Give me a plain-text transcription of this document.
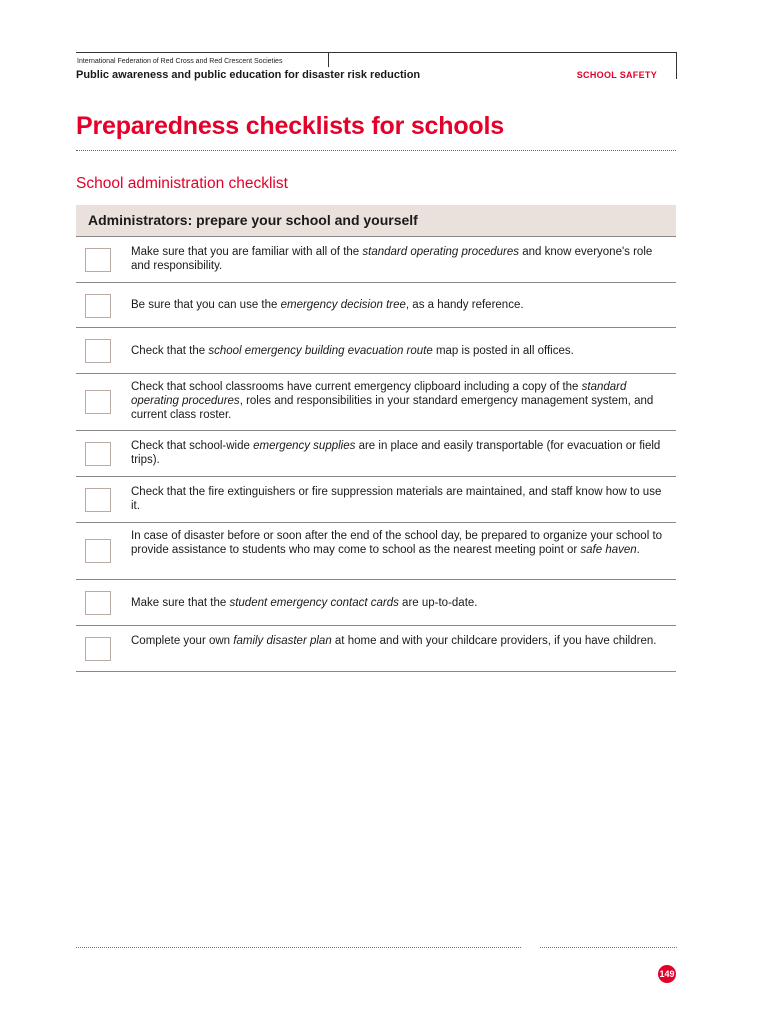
International Federation of Red Cross and Red Crescent Societies
Public awareness and public education for disaster risk reduction	SCHOOL SAFETY
Preparedness checklists for schools
School administration checklist
Administrators: prepare your school and yourself
Make sure that you are familiar with all of the standard operating procedures and know everyone's role and responsibility.
Be sure that you can use the emergency decision tree, as a handy reference.
Check that the school emergency building evacuation route map is posted in all offices.
Check that school classrooms have current emergency clipboard including a copy of the standard operating procedures, roles and responsibilities in your standard emergency management system, and current class roster.
Check that school-wide emergency supplies are in place and easily transportable (for evacuation or field trips).
Check that the fire extinguishers or fire suppression materials are maintained, and staff know how to use it.
In case of disaster before or soon after the end of the school day, be prepared to organize your school to provide assistance to students who may come to school as the nearest meeting point or safe haven.
Make sure that the student emergency contact cards are up-to-date.
Complete your own family disaster plan at home and with your childcare providers, if you have children.
149
